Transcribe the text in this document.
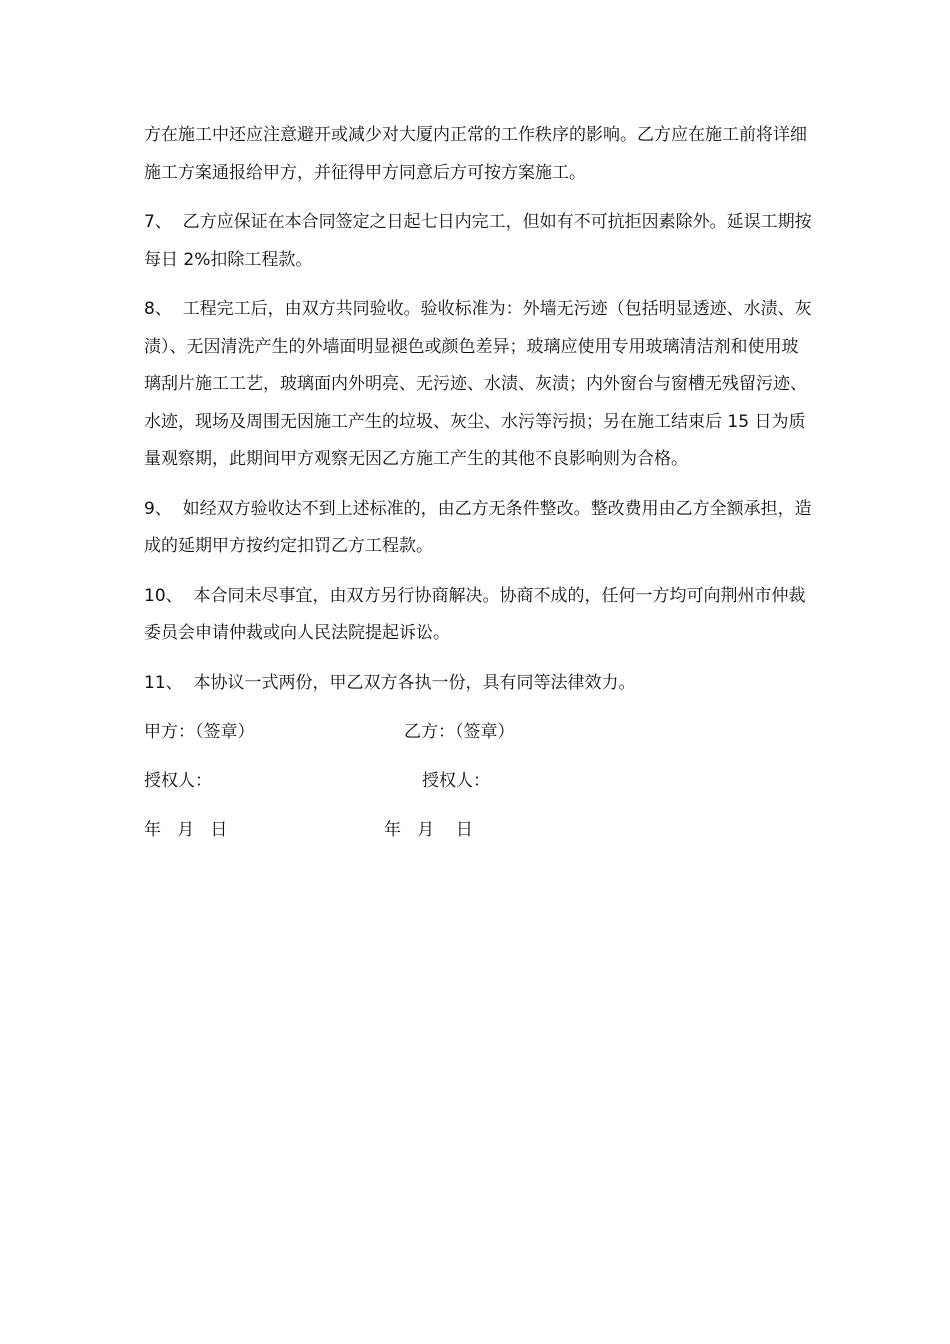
方在施工中还应注意避开或减少对大厦内正常的工作秩序的影响。乙方应在施工前将详细施工方案通报给甲方，并征得甲方同意后方可按方案施工。

7、  乙方应保证在本合同签定之日起七日内完工，但如有不可抗拒因素除外。延误工期按每日 2%扣除工程款。

8、  工程完工后，由双方共同验收。验收标准为：外墙无污迹（包括明显透迹、水渍、灰渍）、无因清洗产生的外墙面明显褪色或颜色差异；玻璃应使用专用玻璃清洁剂和使用玻璃刮片施工工艺，玻璃面内外明亮、无污迹、水渍、灰渍；内外窗台与窗槽无残留污迹、水迹，现场及周围无因施工产生的垃圾、灰尘、水污等污损；另在施工结束后 15 日为质量观察期，此期间甲方观察无因乙方施工产生的其他不良影响则为合格。

9、  如经双方验收达不到上述标准的，由乙方无条件整改。整改费用由乙方全额承担，造成的延期甲方按约定扣罚乙方工程款。

10、  本合同未尽事宜，由双方另行协商解决。协商不成的，任何一方均可向荆州市仲裁委员会申请仲裁或向人民法院提起诉讼。

11、  本协议一式两份，甲乙双方各执一份，具有同等法律效力。

甲方：（签章）	乙方：（签章）
授权人：	授权人：
年   月   日	年   月    日
